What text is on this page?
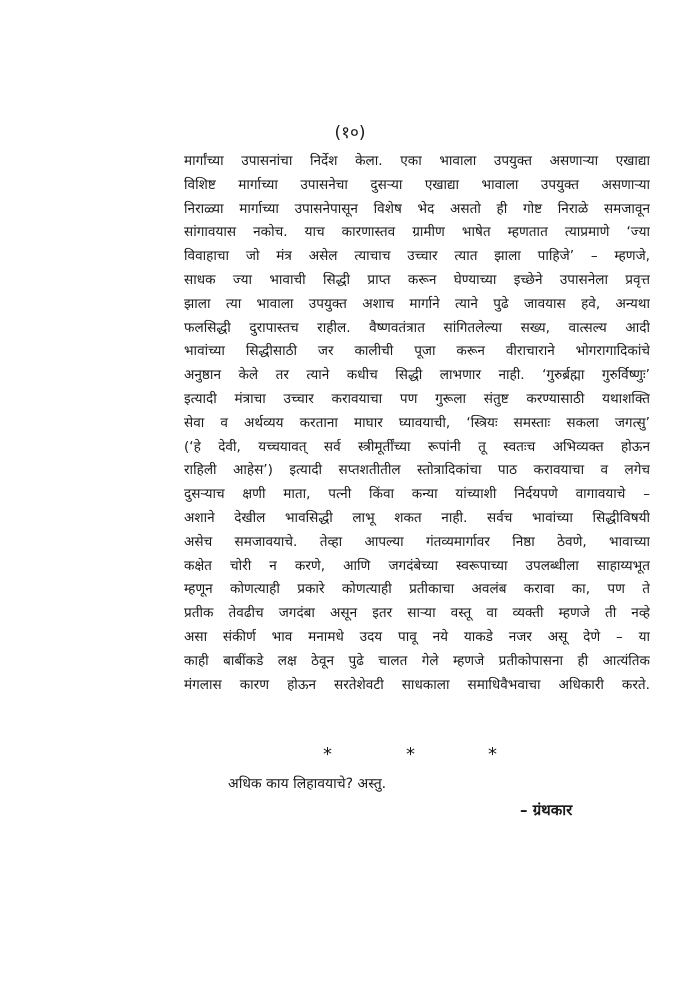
(१०)
मार्गांच्या उपासनांचा निर्देश केला. एका भावाला उपयुक्त असणाऱ्या एखाद्या
विशिष्ट मार्गाच्या उपासनेचा दुसऱ्या एखाद्या भावाला उपयुक्त असणाऱ्या
निराळ्या मार्गाच्या उपासनेपासून विशेष भेद असतो ही गोष्ट निराळे समजावून
सांगावयास नकोच. याच कारणास्तव ग्रामीण भाषेत म्हणतात त्याप्रमाणे ‘ज्या
विवाहाचा जो मंत्र असेल त्याचाच उच्चार त्यात झाला पाहिजे’ – म्हणजे,
साधक ज्या भावाची सिद्धी प्राप्त करून घेण्याच्या इच्छेने उपासनेला प्रवृत्त
झाला त्या भावाला उपयुक्त अशाच मार्गाने त्याने पुढे जावयास हवे, अन्यथा
फलसिद्धी दुरापास्तच राहील. वैष्णवतंत्रात सांगितलेल्या सख्य, वात्सल्य आदी
भावांच्या सिद्धीसाठी जर कालीची पूजा करून वीराचाराने भोगरागादिकांचे
अनुष्ठान केले तर त्याने कधीच सिद्धी लाभणार नाही. ‘गुरुर्ब्रह्मा गुरुर्विष्णुः’
इत्यादी मंत्राचा उच्चार करावयाचा पण गुरूला संतुष्ट करण्यासाठी यथाशक्ति
सेवा व अर्थव्यय करताना माघार घ्यावयाची, ‘स्त्रियः समस्ताः सकला जगत्सु’
(‘हे देवी, यच्चयावत् सर्व स्त्रीमूर्तींच्या रूपांनी तू स्वतःच अभिव्यक्त होऊन
राहिली आहेस’) इत्यादी सप्तशतीतील स्तोत्रादिकांचा पाठ करावयाचा व लगेच
दुसऱ्याच क्षणी माता, पत्नी किंवा कन्या यांच्याशी निर्दयपणे वागावयाचे –
अशाने देखील भावसिद्धी लाभू शकत नाही. सर्वच भावांच्या सिद्धीविषयी
असेच समजावयाचे. तेव्हा आपल्या गंतव्यमार्गावर निष्ठा ठेवणे, भावाच्या
कक्षेत चोरी न करणे, आणि जगदंबेच्या स्वरूपाच्या उपलब्धीला साहाय्यभूत
म्हणून कोणत्याही प्रकारे कोणत्याही प्रतीकाचा अवलंब करावा का, पण ते
प्रतीक तेवढीच जगदंबा असून इतर साऱ्या वस्तू वा व्यक्ती म्हणजे ती नव्हे
असा संकीर्ण भाव मनामधे उदय पावू नये याकडे नजर असू देणे – या
काही बाबींकडे लक्ष ठेवून पुढे चालत गेले म्हणजे प्रतीकोपासना ही आत्यंतिक
मंगलास कारण होऊन सरतेशेवटी साधकाला समाधिवैभवाचा अधिकारी करते.
*	*	*
अधिक काय लिहावयाचे? अस्तु.
– ग्रंथकार
